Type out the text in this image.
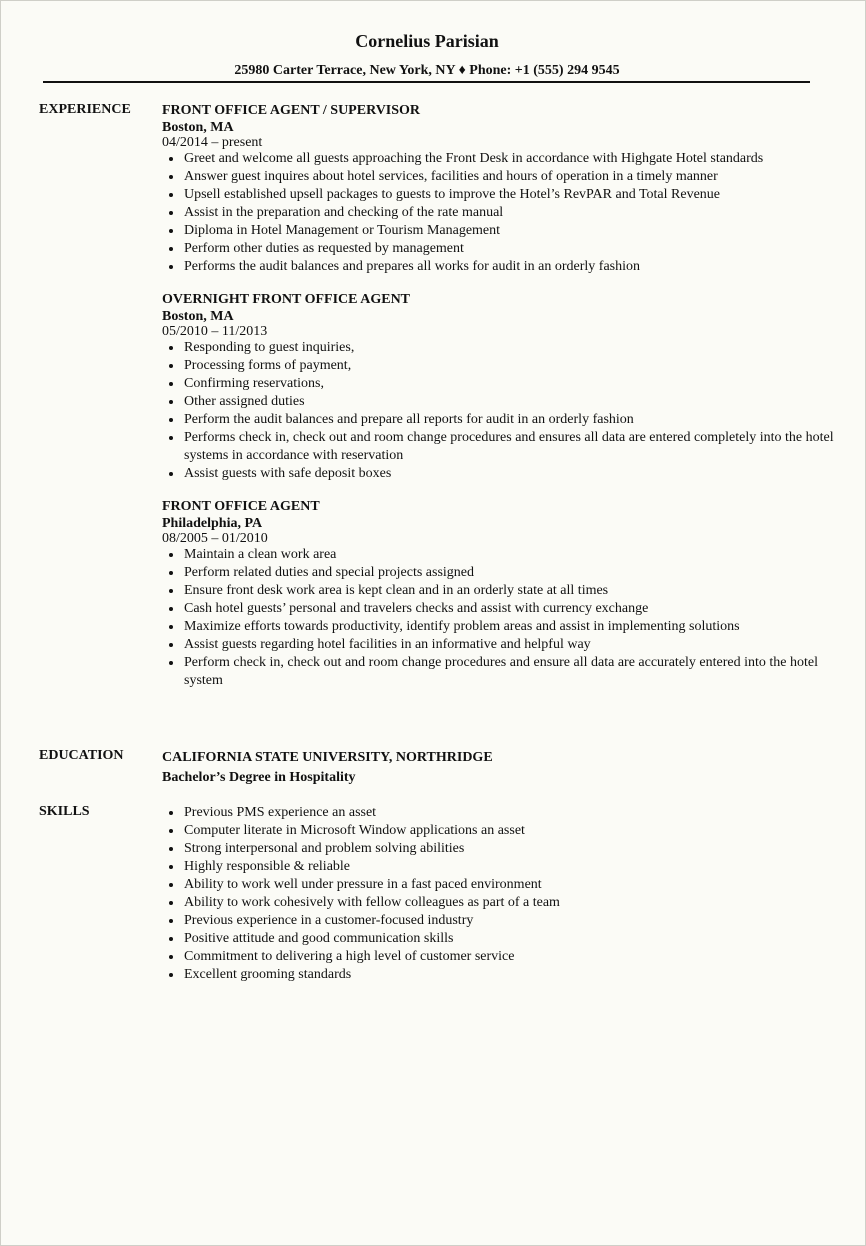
Cornelius Parisian
25980 Carter Terrace, New York, NY ♦ Phone: +1 (555) 294 9545
EXPERIENCE	FRONT OFFICE AGENT / SUPERVISOR
Boston, MA
04/2014 – present
Greet and welcome all guests approaching the Front Desk in accordance with Highgate Hotel standards
Answer guest inquires about hotel services, facilities and hours of operation in a timely manner
Upsell established upsell packages to guests to improve the Hotel’s RevPAR and Total Revenue
Assist in the preparation and checking of the rate manual
Diploma in Hotel Management or Tourism Management
Perform other duties as requested by management
Performs the audit balances and prepares all works for audit in an orderly fashion
OVERNIGHT FRONT OFFICE AGENT
Boston, MA
05/2010 – 11/2013
Responding to guest inquiries,
Processing forms of payment,
Confirming reservations,
Other assigned duties
Perform the audit balances and prepare all reports for audit in an orderly fashion
Performs check in, check out and room change procedures and ensures all data are entered completely into the hotel systems in accordance with reservation
Assist guests with safe deposit boxes
FRONT OFFICE AGENT
Philadelphia, PA
08/2005 – 01/2010
Maintain a clean work area
Perform related duties and special projects assigned
Ensure front desk work area is kept clean and in an orderly state at all times
Cash hotel guests’ personal and travelers checks and assist with currency exchange
Maximize efforts towards productivity, identify problem areas and assist in implementing solutions
Assist guests regarding hotel facilities in an informative and helpful way
Perform check in, check out and room change procedures and ensure all data are accurately entered into the hotel system
EDUCATION	CALIFORNIA STATE UNIVERSITY, NORTHRIDGE
Bachelor’s Degree in Hospitality
SKILLS	Previous PMS experience an asset
Computer literate in Microsoft Window applications an asset
Strong interpersonal and problem solving abilities
Highly responsible & reliable
Ability to work well under pressure in a fast paced environment
Ability to work cohesively with fellow colleagues as part of a team
Previous experience in a customer-focused industry
Positive attitude and good communication skills
Commitment to delivering a high level of customer service
Excellent grooming standards
